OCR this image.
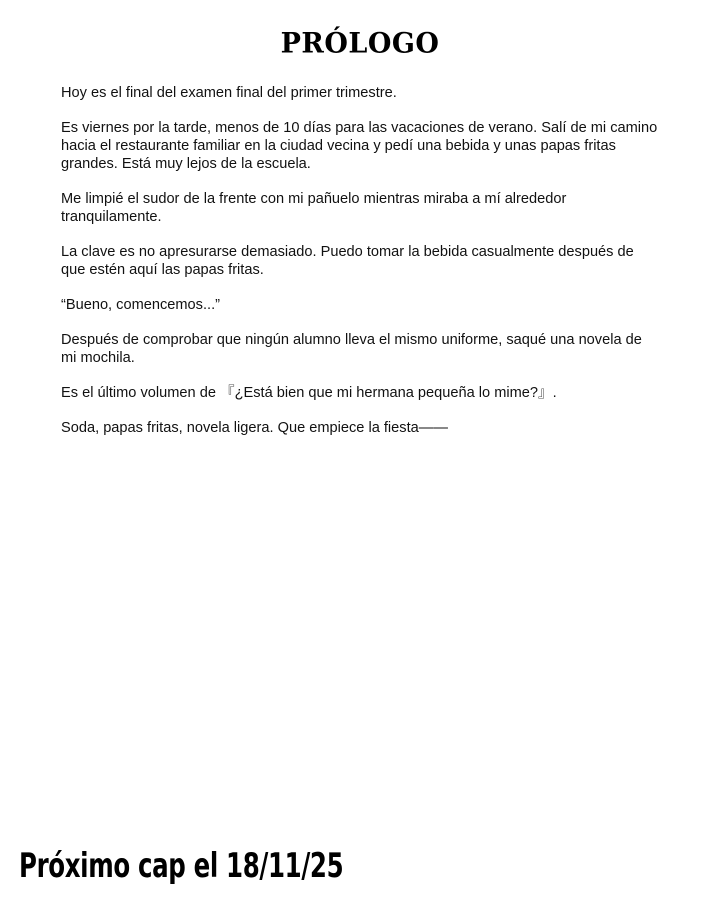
PRÓLOGO

Hoy es el final del examen final del primer trimestre.

Es viernes por la tarde, menos de 10 días para las vacaciones de verano. Salí de mi camino hacia el restaurante familiar en la ciudad vecina y pedí una bebida y unas papas fritas grandes. Está muy lejos de la escuela.

Me limpié el sudor de la frente con mi pañuelo mientras miraba a mí alrededor tranquilamente.

La clave es no apresurarse demasiado. Puedo tomar la bebida casualmente después de que estén aquí las papas fritas.

“Bueno, comencemos...”

Después de comprobar que ningún alumno lleva el mismo uniforme, saqué una novela de mi mochila.

Es el último volumen de 『¿Está bien que mi hermana pequeña lo mime?』.

Soda, papas fritas, novela ligera. Que empiece la fiesta——

Próximo cap el 18/11/25
